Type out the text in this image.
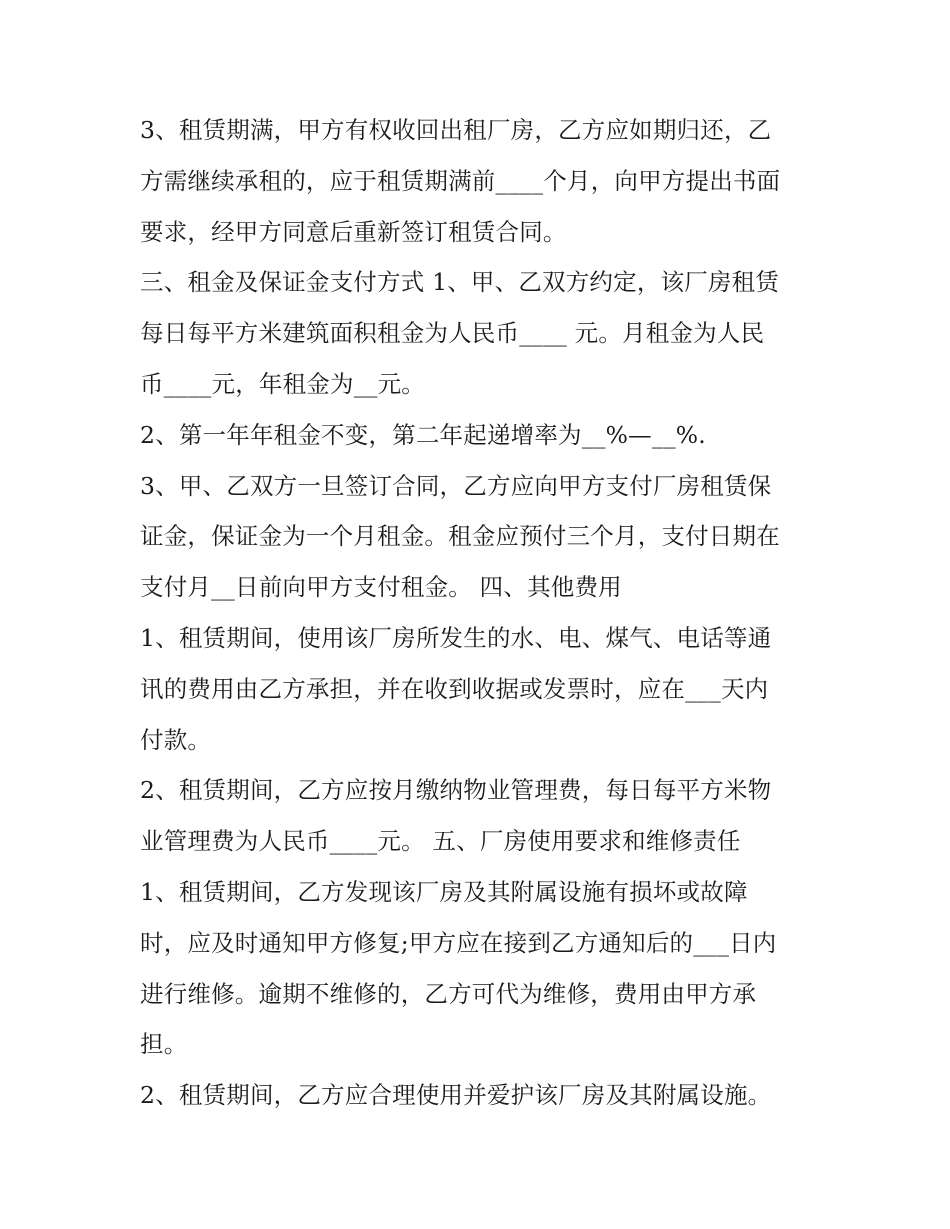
3、租赁期满，甲方有权收回出租厂房，乙方应如期归还，乙
方需继续承租的，应于租赁期满前____个月，向甲方提出书面
要求，经甲方同意后重新签订租赁合同。
三、租金及保证金支付方式 1、甲、乙双方约定，该厂房租赁
每日每平方米建筑面积租金为人民币____ 元。月租金为人民
币____元，年租金为__元。
2、第一年年租金不变，第二年起递增率为__%—__%.
3、甲、乙双方一旦签订合同，乙方应向甲方支付厂房租赁保
证金，保证金为一个月租金。租金应预付三个月，支付日期在
支付月__日前向甲方支付租金。 四、其他费用
1、租赁期间，使用该厂房所发生的水、电、煤气、电话等通
讯的费用由乙方承担，并在收到收据或发票时，应在___天内
付款。
2、租赁期间，乙方应按月缴纳物业管理费，每日每平方米物
业管理费为人民币____元。 五、厂房使用要求和维修责任
1、租赁期间，乙方发现该厂房及其附属设施有损坏或故障
时，应及时通知甲方修复;甲方应在接到乙方通知后的___日内
进行维修。逾期不维修的，乙方可代为维修，费用由甲方承
担。
2、租赁期间，乙方应合理使用并爱护该厂房及其附属设施。
